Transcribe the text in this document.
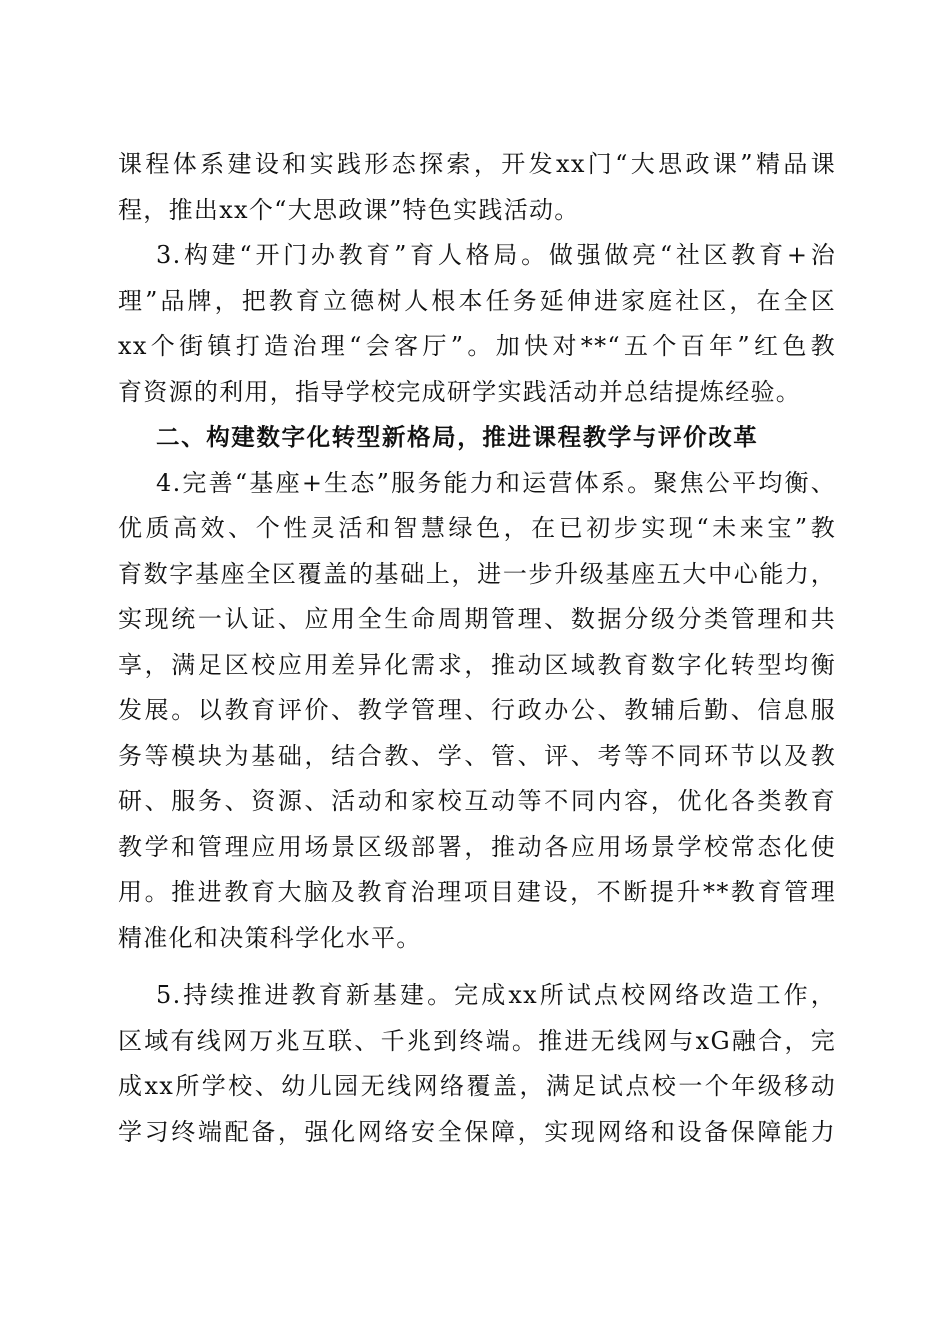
课程体系建设和实践形态探索，开发xx门“大思政课”精品课
程，推出xx个“大思政课”特色实践活动。
3.构建“开门办教育”育人格局。做强做亮“社区教育+治
理”品牌，把教育立德树人根本任务延伸进家庭社区，在全区
xx个街镇打造治理“会客厅”。加快对**“五个百年”红色教
育资源的利用，指导学校完成研学实践活动并总结提炼经验。
二、构建数字化转型新格局，推进课程教学与评价改革
4.完善“基座+生态”服务能力和运营体系。聚焦公平均衡、
优质高效、个性灵活和智慧绿色，在已初步实现“未来宝”教
育数字基座全区覆盖的基础上，进一步升级基座五大中心能力，
实现统一认证、应用全生命周期管理、数据分级分类管理和共
享，满足区校应用差异化需求，推动区域教育数字化转型均衡
发展。以教育评价、教学管理、行政办公、教辅后勤、信息服
务等模块为基础，结合教、学、管、评、考等不同环节以及教
研、服务、资源、活动和家校互动等不同内容，优化各类教育
教学和管理应用场景区级部署，推动各应用场景学校常态化使
用。推进教育大脑及教育治理项目建设，不断提升**教育管理
精准化和决策科学化水平。
5.持续推进教育新基建。完成xx所试点校网络改造工作，
区域有线网万兆互联、千兆到终端。推进无线网与xG融合，完
成xx所学校、幼儿园无线网络覆盖，满足试点校一个年级移动
学习终端配备，强化网络安全保障，实现网络和设备保障能力
